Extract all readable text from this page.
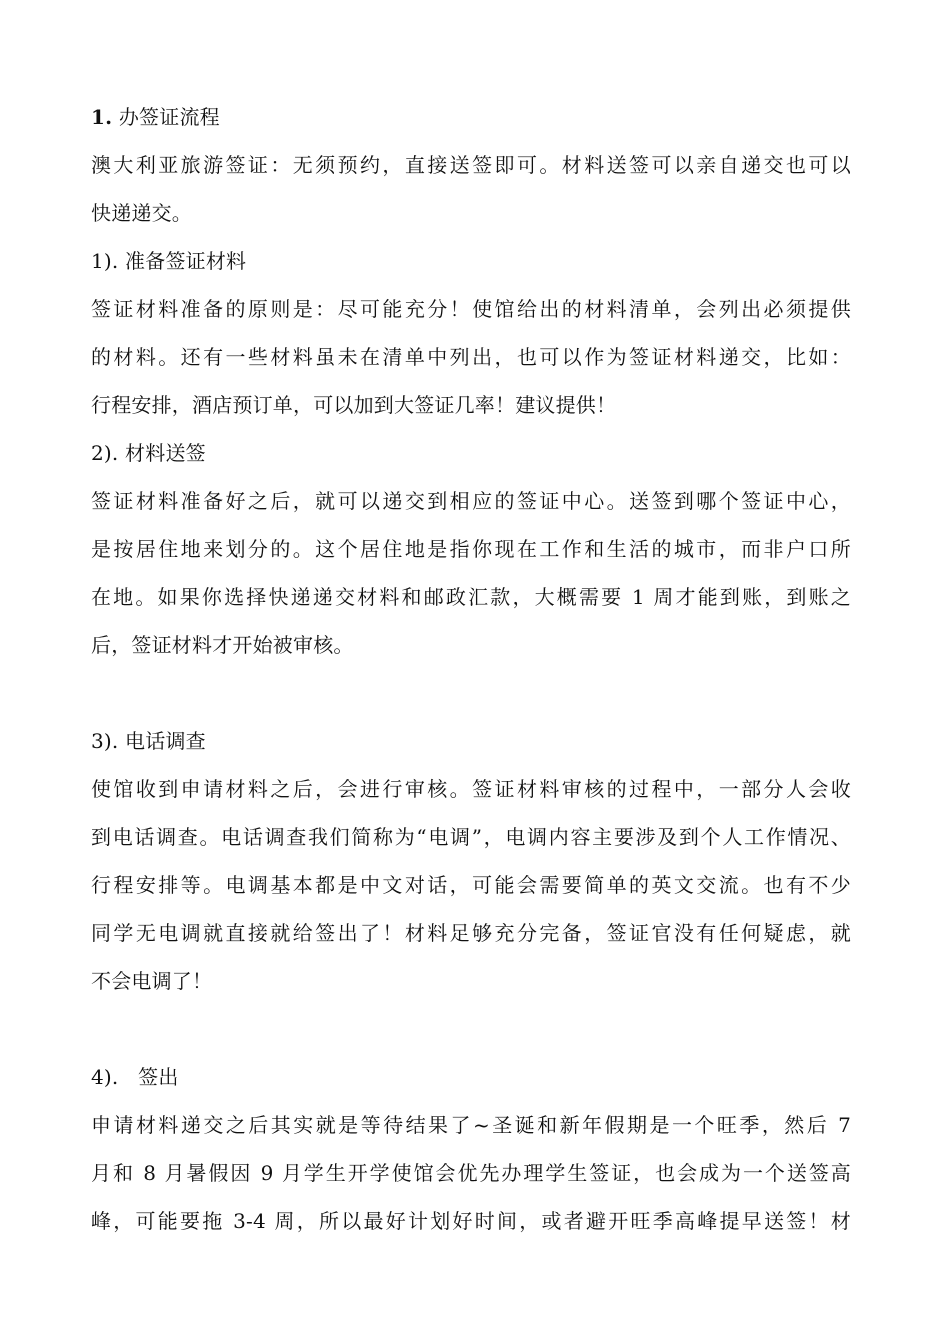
1. 办签证流程
澳大利亚旅游签证：无须预约，直接送签即可。材料送签可以亲自递交也可以
快递递交。
1). 准备签证材料
签证材料准备的原则是：尽可能充分！使馆给出的材料清单，会列出必须提供
的材料。还有一些材料虽未在清单中列出，也可以作为签证材料递交，比如：
行程安排，酒店预订单，可以加到大签证几率！建议提供！
2). 材料送签
签证材料准备好之后，就可以递交到相应的签证中心。送签到哪个签证中心，
是按居住地来划分的。这个居住地是指你现在工作和生活的城市，而非户口所
在地。如果你选择快递递交材料和邮政汇款，大概需要 1 周才能到账，到账之
后，签证材料才开始被审核。
3). 电话调查
使馆收到申请材料之后，会进行审核。签证材料审核的过程中，一部分人会收
到电话调查。电话调查我们简称为“电调”，电调内容主要涉及到个人工作情况、
行程安排等。电调基本都是中文对话，可能会需要简单的英文交流。也有不少
同学无电调就直接就给签出了！材料足够充分完备，签证官没有任何疑虑，就
不会电调了！
4).   签出
申请材料递交之后其实就是等待结果了~圣诞和新年假期是一个旺季，然后 7
月和 8 月暑假因 9 月学生开学使馆会优先办理学生签证，也会成为一个送签高
峰，可能要拖 3-4 周，所以最好计划好时间，或者避开旺季高峰提早送签！材
